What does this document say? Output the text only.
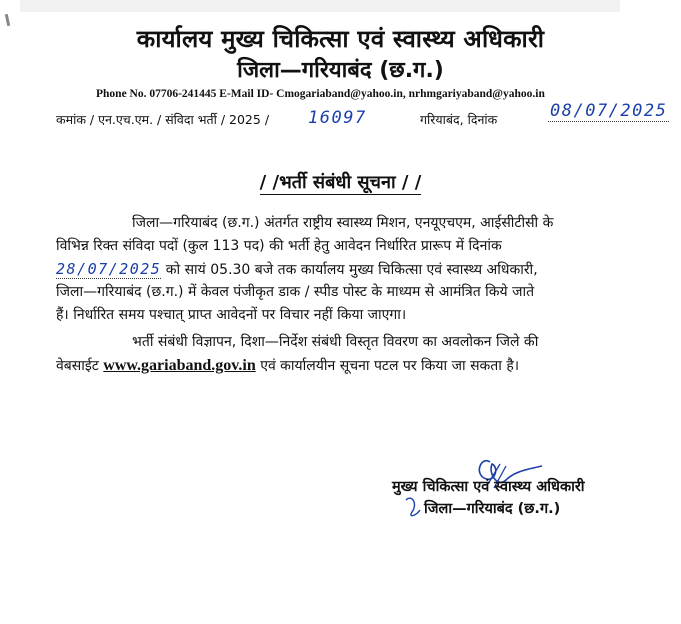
कार्यालय मुख्य चिकित्सा एवं स्वास्थ्य अधिकारी
जिला—गरियाबंद (छ.ग.)
Phone No. 07706-241445 E-Mail ID- Cmogariaband@yahoo.in, nrhmgariyaband@yahoo.in
कमांक / एन.एच.एम. / संविदा भर्ती / 2025 / 16097	गरियाबंद, दिनांक	08/07/2025
/ /भर्ती संबंधी सूचना / /
जिला—गरियाबंद (छ.ग.) अंतर्गत राष्ट्रीय स्वास्थ्य मिशन, एनयूएचएम, आईसीटीसी के
विभिन्न रिक्त संविदा पदों (कुल 113 पद) की भर्ती हेतु आवेदन निर्धारित प्रारूप में दिनांक
28/07/2025 को सायं 05.30 बजे तक कार्यालय मुख्य चिकित्सा एवं स्वास्थ्य अधिकारी,
जिला—गरियाबंद (छ.ग.) में केवल पंजीकृत डाक / स्पीड पोस्ट के माध्यम से आमंत्रित किये जाते
हैं। निर्धारित समय पश्चात् प्राप्त आवेदनों पर विचार नहीं किया जाएगा।
भर्ती संबंधी विज्ञापन, दिशा—निर्देश संबंधी विस्तृत विवरण का अवलोकन जिले की
वेबसाईट www.gariaband.gov.in एवं कार्यालयीन सूचना पटल पर किया जा सकता है।
मुख्य चिकित्सा एवं स्वास्थ्य अधिकारी
जिला—गरियाबंद (छ.ग.)
